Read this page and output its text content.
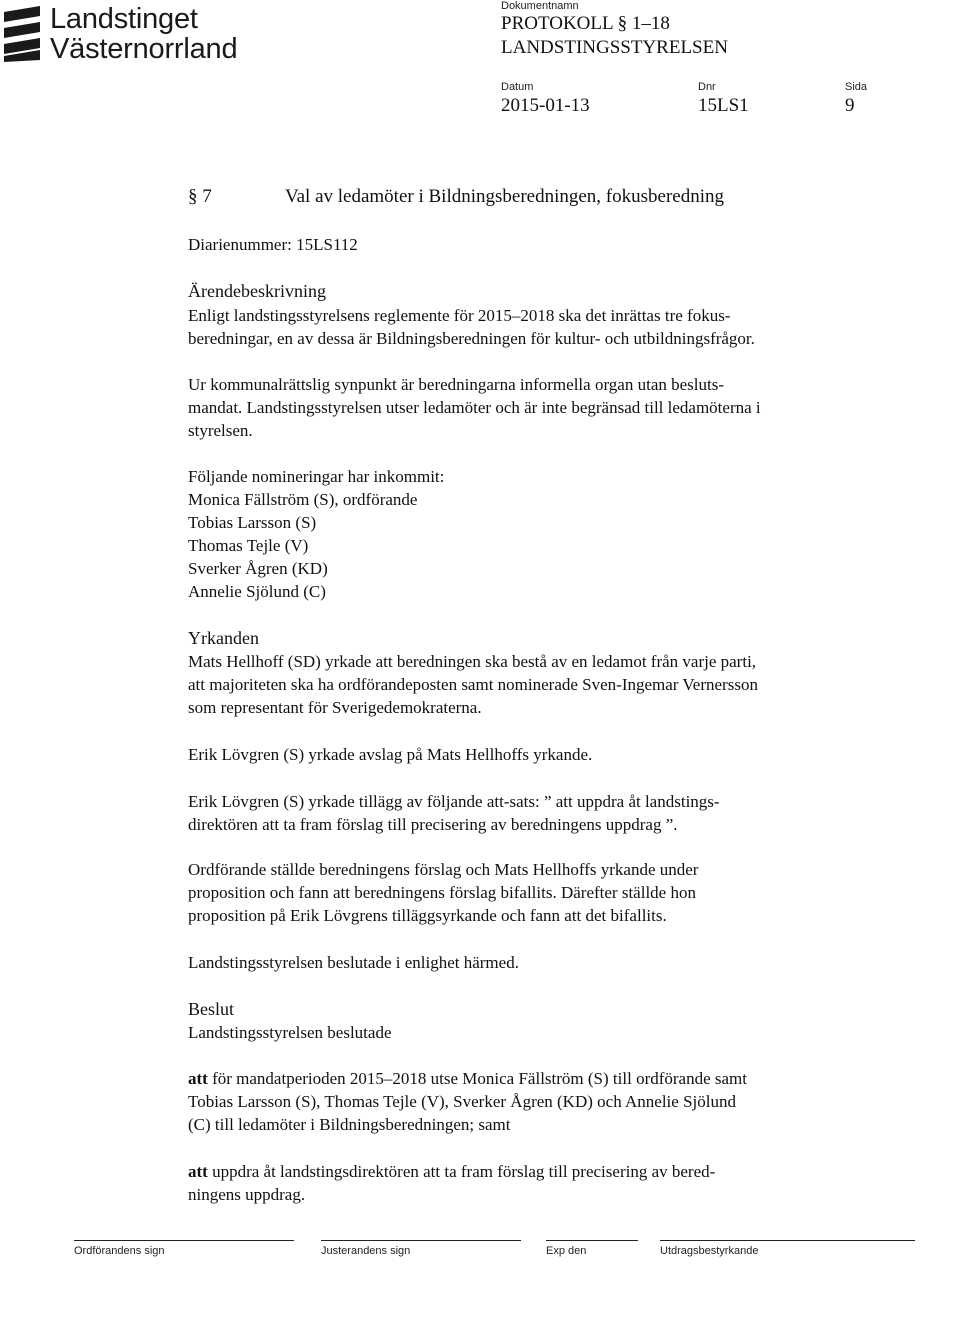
Landstinget
Västernorrland
Dokumentnamn
PROTOKOLL § 1–18
LANDSTINGSSTYRELSEN
Datum	Dnr	Sida
2015-01-13	15LS1	9
§ 7	Val av ledamöter i Bildningsberedningen, fokusberedning
Diarienummer: 15LS112
Ärendebeskrivning
Enligt landstingsstyrelsens reglemente för 2015–2018 ska det inrättas tre fokus-
beredningar, en av dessa är Bildningsberedningen för kultur- och utbildningsfrågor.
Ur kommunalrättslig synpunkt är beredningarna informella organ utan besluts-
mandat. Landstingsstyrelsen utser ledamöter och är inte begränsad till ledamöterna i
styrelsen.
Följande nomineringar har inkommit:
Monica Fällström (S), ordförande
Tobias Larsson (S)
Thomas Tejle (V)
Sverker Ågren (KD)
Annelie Sjölund (C)
Yrkanden
Mats Hellhoff (SD) yrkade att beredningen ska bestå av en ledamot från varje parti,
att majoriteten ska ha ordförandeposten samt nominerade Sven-Ingemar Vernersson
som representant för Sverigedemokraterna.
Erik Lövgren (S) yrkade avslag på Mats Hellhoffs yrkande.
Erik Lövgren (S) yrkade tillägg av följande att-sats: ” att uppdra åt landstings-
direktören att ta fram förslag till precisering av beredningens uppdrag ”.
Ordförande ställde beredningens förslag och Mats Hellhoffs yrkande under
proposition och fann att beredningens förslag bifallits. Därefter ställde hon
proposition på Erik Lövgrens tilläggsyrkande och fann att det bifallits.
Landstingsstyrelsen beslutade i enlighet härmed.
Beslut
Landstingsstyrelsen beslutade
att för mandatperioden 2015–2018 utse Monica Fällström (S) till ordförande samt
Tobias Larsson (S), Thomas Tejle (V), Sverker Ågren (KD) och Annelie Sjölund
(C) till ledamöter i Bildningsberedningen; samt
att uppdra åt landstingsdirektören att ta fram förslag till precisering av bered-
ningens uppdrag.
Ordförandens sign	Justerandens sign	Exp den	Utdragsbestyrkande
